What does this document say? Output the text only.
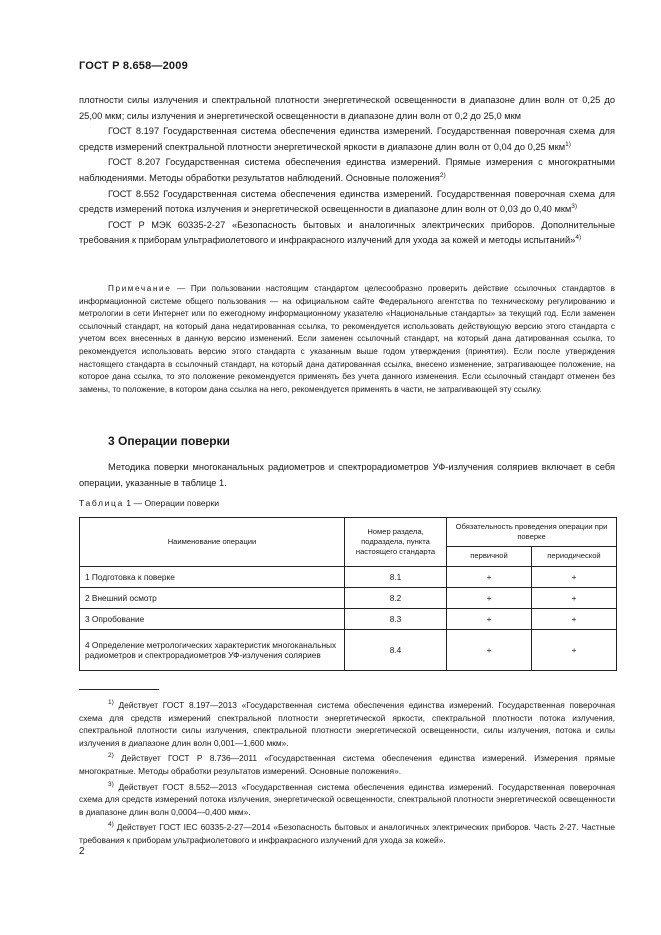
ГОСТ Р 8.658—2009

плотности силы излучения и спектральной плотности энергетической освещенности в диапазоне длин волн от 0,25 до 25,00 мкм; силы излучения и энергетической освещенности в диапазоне длин волн от 0,2 до 25,0 мкм

ГОСТ 8.197 Государственная система обеспечения единства измерений. Государственная поверочная схема для средств измерений спектральной плотности энергетической яркости в диапазоне длин волн от 0,04 до 0,25 мкм$^{1)}$

ГОСТ 8.207 Государственная система обеспечения единства измерений. Прямые измерения с многократными наблюдениями. Методы обработки результатов наблюдений. Основные положения$^{2)}$

ГОСТ 8.552 Государственная система обеспечения единства измерений. Государственная поверочная схема для средств измерений потока излучения и энергетической освещенности в диапазоне длин волн от 0,03 до 0,40 мкм$^{3)}$

ГОСТ Р МЭК 60335-2-27 «Безопасность бытовых и аналогичных электрических приборов. Дополнительные требования к приборам ультрафиолетового и инфракрасного излучений для ухода за кожей и методы испытаний»$^{4)}$

Примечание — При пользовании настоящим стандартом целесообразно проверить действие ссылочных стандартов в информационной системе общего пользования — на официальном сайте Федерального агентства по техническому регулированию и метрологии в сети Интернет или по ежегодному информационному указателю «Национальные стандарты» за текущий год. Если заменен ссылочный стандарт, на который дана недатированная ссылка, то рекомендуется использовать действующую версию этого стандарта с учетом всех внесенных в данную версию изменений. Если заменен ссылочный стандарт, на который дана датированная ссылка, то рекомендуется использовать версию этого стандарта с указанным выше годом утверждения (принятия). Если после утверждения настоящего стандарта в ссылочный стандарт, на который дана датированная ссылка, внесено изменение, затрагивающее положение, на которое дана ссылка, то это положение рекомендуется применять без учета данного изменения. Если ссылочный стандарт отменен без замены, то положение, в котором дана ссылка на него, рекомендуется применять в части, не затрагивающей эту ссылку.

3 Операции поверки

Методика поверки многоканальных радиометров и спектрорадиометров УФ-излучения соляриев включает в себя операции, указанные в таблице 1.

Таблица 1 — Операции поверки
Наименование операции	Номер раздела, подраздела, пункта настоящего стандарта	Обязательность проведения операции при поверке	
		первичной	периодической
1 Подготовка к поверке	8.1	+	+
2 Внешний осмотр	8.2	+	+
3 Опробование	8.3	+	+
4 Определение метрологических характеристик многоканальных радиометров и спектрорадиометров УФ-излучения соляриев	8.4	+	+

$^{1)}$ Действует ГОСТ 8.197—2013 «Государственная система обеспечения единства измерений. Государственная поверочная схема для средств измерений спектральной плотности энергетической яркости, спектральной плотности потока излучения, спектральной плотности силы излучения, спектральной плотности энергетической освещенности, силы излучения, потока и силы излучения в диапазоне длин волн 0,001—1,600 мкм».

$^{2)}$ Действует ГОСТ Р 8.736—2011 «Государственная система обеспечения единства измерений. Измерения прямые многократные. Методы обработки результатов измерений. Основные положения».

$^{3)}$ Действует ГОСТ 8.552—2013 «Государственная система обеспечения единства измерений. Государственная поверочная схема для средств измерений потока излучения, энергетической освещенности, спектральной плотности энергетической освещенности в диапазоне длин волн 0,0004—0,400 мкм».

$^{4)}$ Действует ГОСТ IEC 60335-2-27—2014 «Безопасность бытовых и аналогичных электрических приборов. Часть 2-27. Частные требования к приборам ультрафиолетового и инфракрасного излучений для ухода за кожей».

2
